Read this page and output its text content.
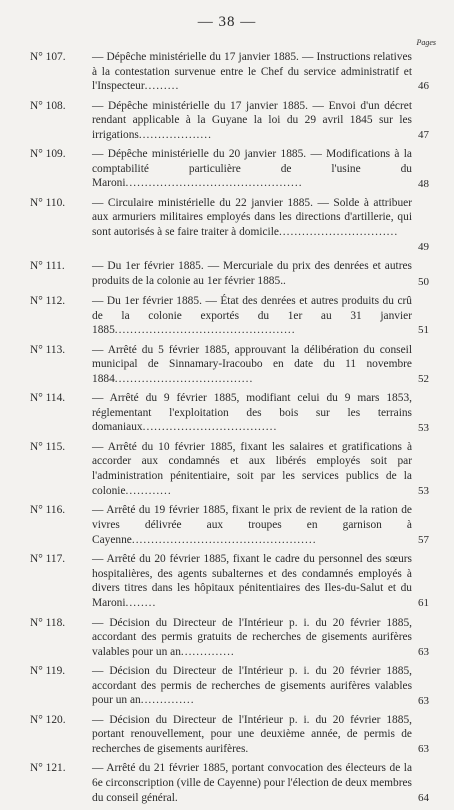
— 38 —
Pages
N° 107.	— Dépêche ministérielle du 17 janvier 1885. — Instructions relatives à la contestation survenue entre le Chef du service administratif et l'Inspecteur.........	46
N° 108.	— Dépêche ministérielle du 17 janvier 1885. — Envoi d'un décret rendant applicable à la Guyane la loi du 29 avril 1845 sur les irrigations...................	47
N° 109.	— Dépêche ministérielle du 20 janvier 1885. — Modifications à la comptabilité particulière de l'usine du Maroni..............................................	48
N° 110.	— Circulaire ministérielle du 22 janvier 1885. — Solde à attribuer aux armuriers militaires employés dans les directions d'artillerie, qui sont autorisés à se faire traiter à domicile...............................
49
N° 111.	— Du 1er février 1885. — Mercuriale du prix des denrées et autres produits de la colonie au 1er février 1885..	50
N° 112.	— Du 1er février 1885. — État des denrées et autres produits du crû de la colonie exportés du 1er au 31 janvier 1885...............................................	51
N° 113.	— Arrêté du 5 février 1885, approuvant la délibération du conseil municipal de Sinnamary-Iracoubo en date du 11 novembre 1884....................................	52
N° 114.	— Arrêté du 9 février 1885, modifiant celui du 9 mars 1853, réglementant l'exploitation des bois sur les terrains domaniaux...................................	53
N° 115.	— Arrêté du 10 février 1885, fixant les salaires et gratifications à accorder aux condamnés et aux libérés employés soit par l'administration pénitentiaire, soit par les services publics de la colonie............	53
N° 116.	— Arrêté du 19 février 1885, fixant le prix de revient de la ration de vivres délivrée aux troupes en garnison à Cayenne................................................	57
N° 117.	— Arrêté du 20 février 1885, fixant le cadre du personnel des sœurs hospitalières, des agents subalternes et des condamnés employés à divers titres dans les hôpitaux pénitentiaires des Iles-du-Salut et du Maroni........	61
N° 118.	— Décision du Directeur de l'Intérieur p. i. du 20 février 1885, accordant des permis gratuits de recherches de gisements aurifères valables pour un an..............	63
N° 119.	— Décision du Directeur de l'Intérieur p. i. du 20 février 1885, accordant des permis de recherches de gisements aurifères valables pour un an..............	63
N° 120.	— Décision du Directeur de l'Intérieur p. i. du 20 février 1885, portant renouvellement, pour une deuxième année, de permis de recherches de gisements aurifères.	63
N° 121.	— Arrêté du 21 février 1885, portant convocation des électeurs de la 6e circonscription (ville de Cayenne) pour l'élection de deux membres du conseil général.	64
